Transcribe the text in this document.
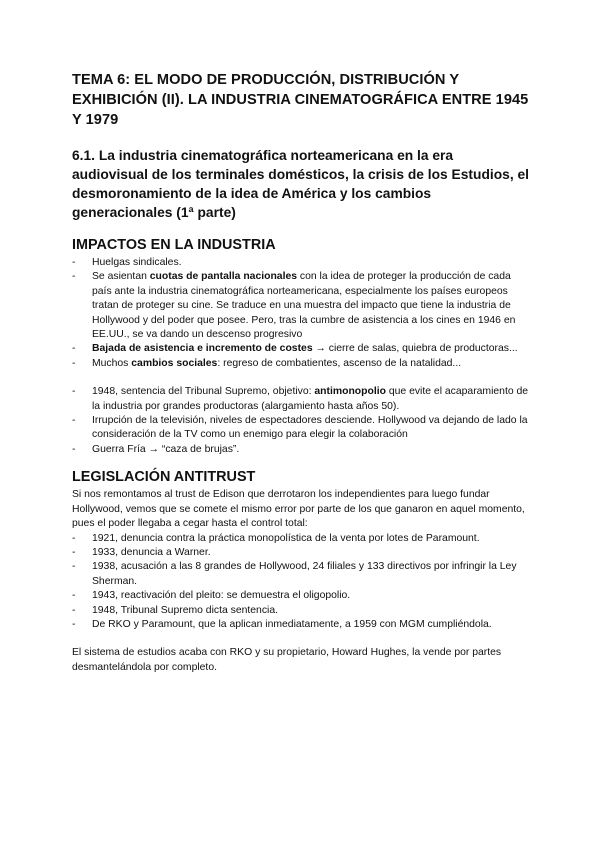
TEMA 6: EL MODO DE PRODUCCIÓN, DISTRIBUCIÓN Y EXHIBICIÓN (II). LA INDUSTRIA CINEMATOGRÁFICA ENTRE 1945 Y 1979
6.1. La industria cinematográfica norteamericana en la era audiovisual de los terminales domésticos, la crisis de los Estudios, el desmoronamiento de la idea de América y los cambios generacionales (1ª parte)
IMPACTOS EN LA INDUSTRIA
-	Huelgas sindicales.
-	Se asientan cuotas de pantalla nacionales con la idea de proteger la producción de cada país ante la industria cinematográfica norteamericana, especialmente los países europeos tratan de proteger su cine. Se traduce en una muestra del impacto que tiene la industria de Hollywood y del poder que posee. Pero, tras la cumbre de asistencia a los cines en 1946 en EE.UU., se va dando un descenso progresivo
-	Bajada de asistencia e incremento de costes → cierre de salas, quiebra de productoras...
-	Muchos cambios sociales: regreso de combatientes, ascenso de la natalidad...
-	1948, sentencia del Tribunal Supremo, objetivo: antimonopolio que evite el acaparamiento de la industria por grandes productoras (alargamiento hasta años 50).
-	Irrupción de la televisión, niveles de espectadores desciende. Hollywood va dejando de lado la consideración de la TV como un enemigo para elegir la colaboración
-	Guerra Fría → “caza de brujas”.
LEGISLACIÓN ANTITRUST

Si nos remontamos al trust de Edison que derrotaron los independientes para luego fundar Hollywood, vemos que se comete el mismo error por parte de los que ganaron en aquel momento, pues el poder llegaba a cegar hasta el control total:

-	1921, denuncia contra la práctica monopolística de la venta por lotes de Paramount.
-	1933, denuncia a Warner.
-	1938, acusación a las 8 grandes de Hollywood, 24 filiales y 133 directivos por infringir la Ley Sherman.
-	1943, reactivación del pleito: se demuestra el oligopolio.
-	1948, Tribunal Supremo dicta sentencia.
-	De RKO y Paramount, que la aplican inmediatamente, a 1959 con MGM cumpliéndola.

El sistema de estudios acaba con RKO y su propietario, Howard Hughes, la vende por partes desmantelándola por completo.
